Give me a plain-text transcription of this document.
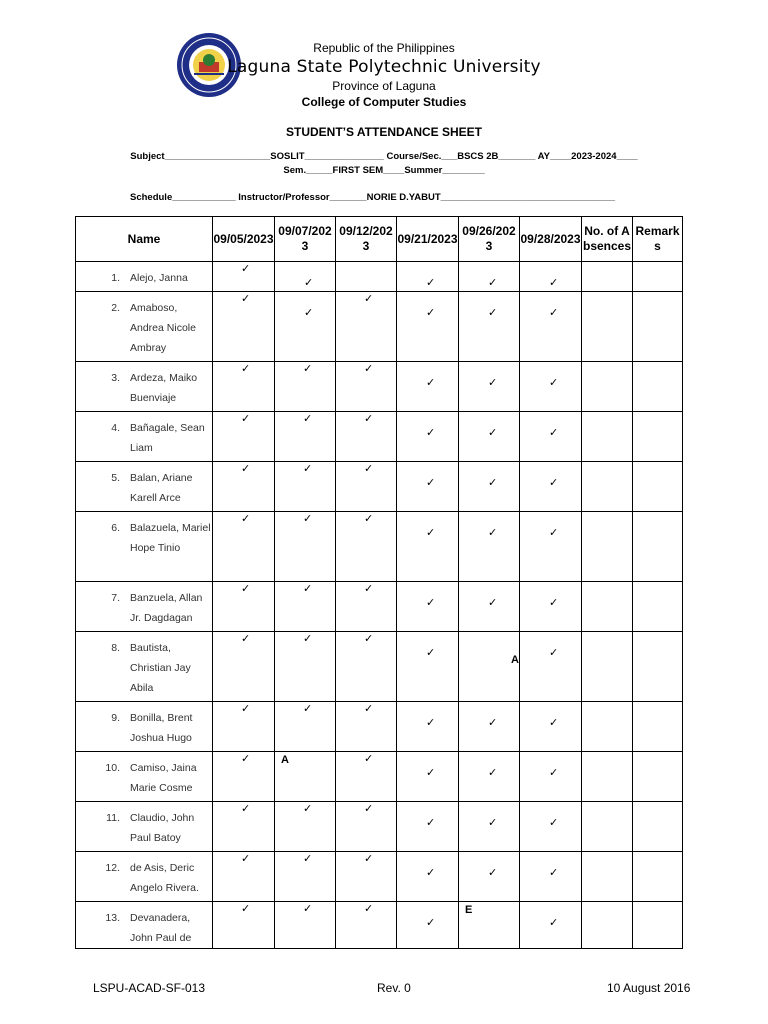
Republic of the Philippines

Laguna State Polytechnic University

Province of Laguna

College of Computer Studies

STUDENT’S ATTENDANCE SHEET
Subject____________________SOSLIT_______________ Course/Sec.___BSCS 2B_______ AY____2023-2024____
Sem._____FIRST SEM____Summer________
Schedule____________ Instructor/Professor_______NORIE D.YABUT_________________________________
Name	09/05/2023	09/07/2023	09/12/2023	09/21/2023	09/26/2023	09/28/2023	No. of Absences	Remarks

1. Alejo, Janna	✓	✓		✓	✓	✓		

2. Amaboso, Andrea Nicole Ambray	✓	✓	✓	✓	✓	✓		

3. Ardeza, Maiko Buenviaje	✓	✓	✓	✓	✓	✓		

4. Bañagale, Sean Liam	✓	✓	✓	✓	✓	✓		

5. Balan, Ariane Karell Arce	✓	✓	✓	✓	✓	✓		

6. Balazuela, Mariel Hope Tinio	✓	✓	✓	✓	✓	✓		

7. Banzuela, Allan Jr. Dagdagan	✓	✓	✓	✓	✓	✓		

8. Bautista, Christian Jay Abila	✓	✓	✓	✓	A	✓		

9. Bonilla, Brent Joshua Hugo	✓	✓	✓	✓	✓	✓		

10. Camiso, Jaina Marie Cosme	✓	A	✓	✓	✓	✓		

11. Claudio, John Paul Batoy	✓	✓	✓	✓	✓	✓		

12. de Asis, Deric Angelo Rivera.	✓	✓	✓	✓	✓	✓		

13. Devanadera, John Paul de	✓	✓	✓	✓	E	✓		

LSPU-ACAD-SF-013	Rev. 0	10 August 2016
